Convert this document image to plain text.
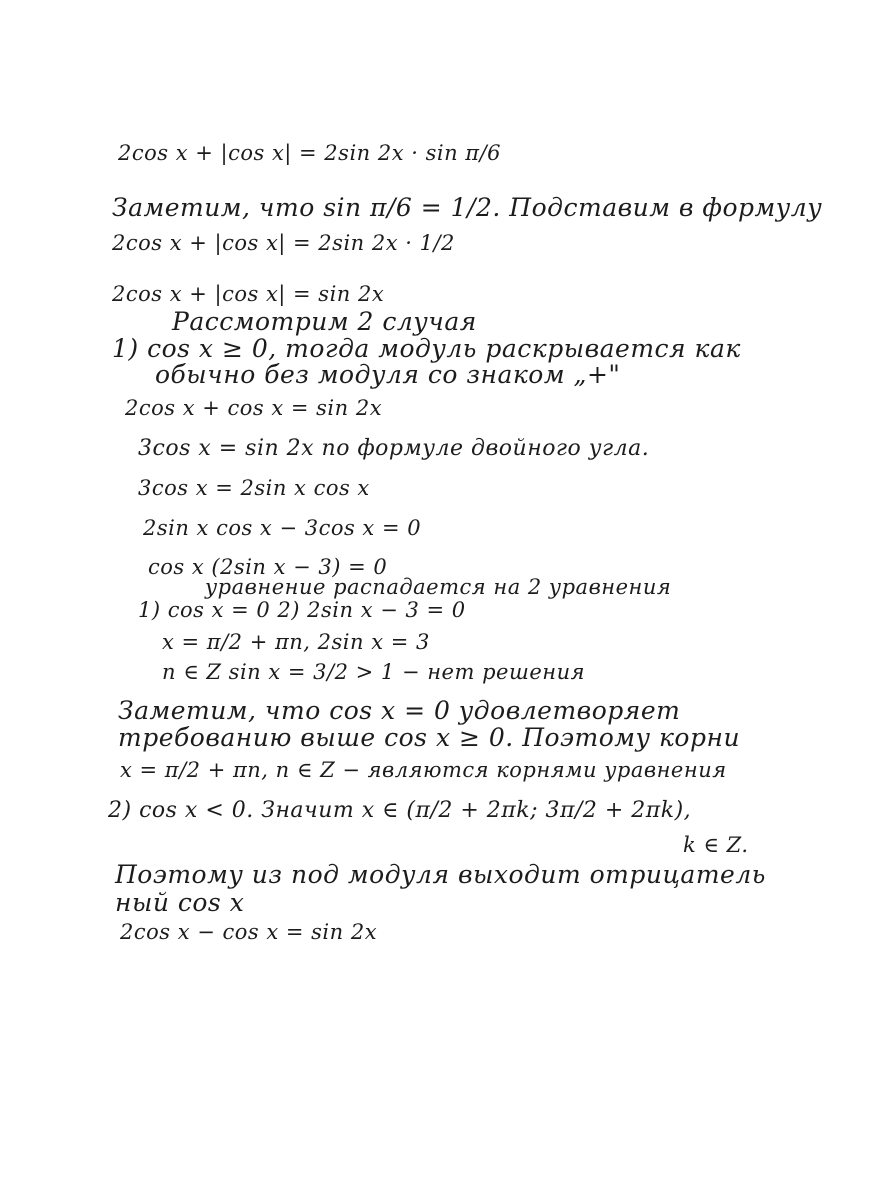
2cos x + |cos x| = 2sin 2x · sin π/6
Заметим, что sin π/6 = 1/2. Подставим в формулу
2cos x + |cos x| = 2sin 2x · 1/2
2cos x + |cos x| = sin 2x
Рассмотрим 2 случая
1) cos x ≥ 0, тогда модуль раскрывается как
обычно без модуля со знаком „+"
2cos x + cos x = sin 2x
3cos x = sin 2x по формуле двойного угла.
3cos x = 2sin x cos x
2sin x cos x − 3cos x = 0
cos x (2sin x − 3) = 0
уравнение распадается на 2 уравнения
1) cos x = 0 2) 2sin x − 3 = 0
x = π/2 + πn, 2sin x = 3
n ∈ Z sin x = 3/2 > 1 − нет решения
Заметим, что cos x = 0 удовлетворяет
требованию выше cos x ≥ 0. Поэтому корни
x = π/2 + πn, n ∈ Z − являются корнями уравнения
2) cos x < 0. Значит x ∈ (π/2 + 2πk; 3π/2 + 2πk),
k ∈ Z.
Поэтому из под модуля выходит отрицатель
ный cos x
2cos x − cos x = sin 2x
